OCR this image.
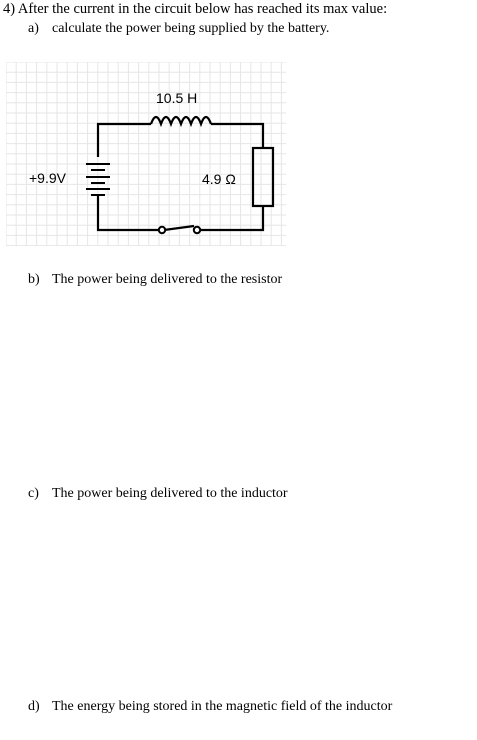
4) After the current in the circuit below has reached its max value:
a) calculate the power being supplied by the battery.
10.5 H
4.9 Ω
+9.9V
b) The power being delivered to the resistor
c) The power being delivered to the inductor
d) The energy being stored in the magnetic field of the inductor
